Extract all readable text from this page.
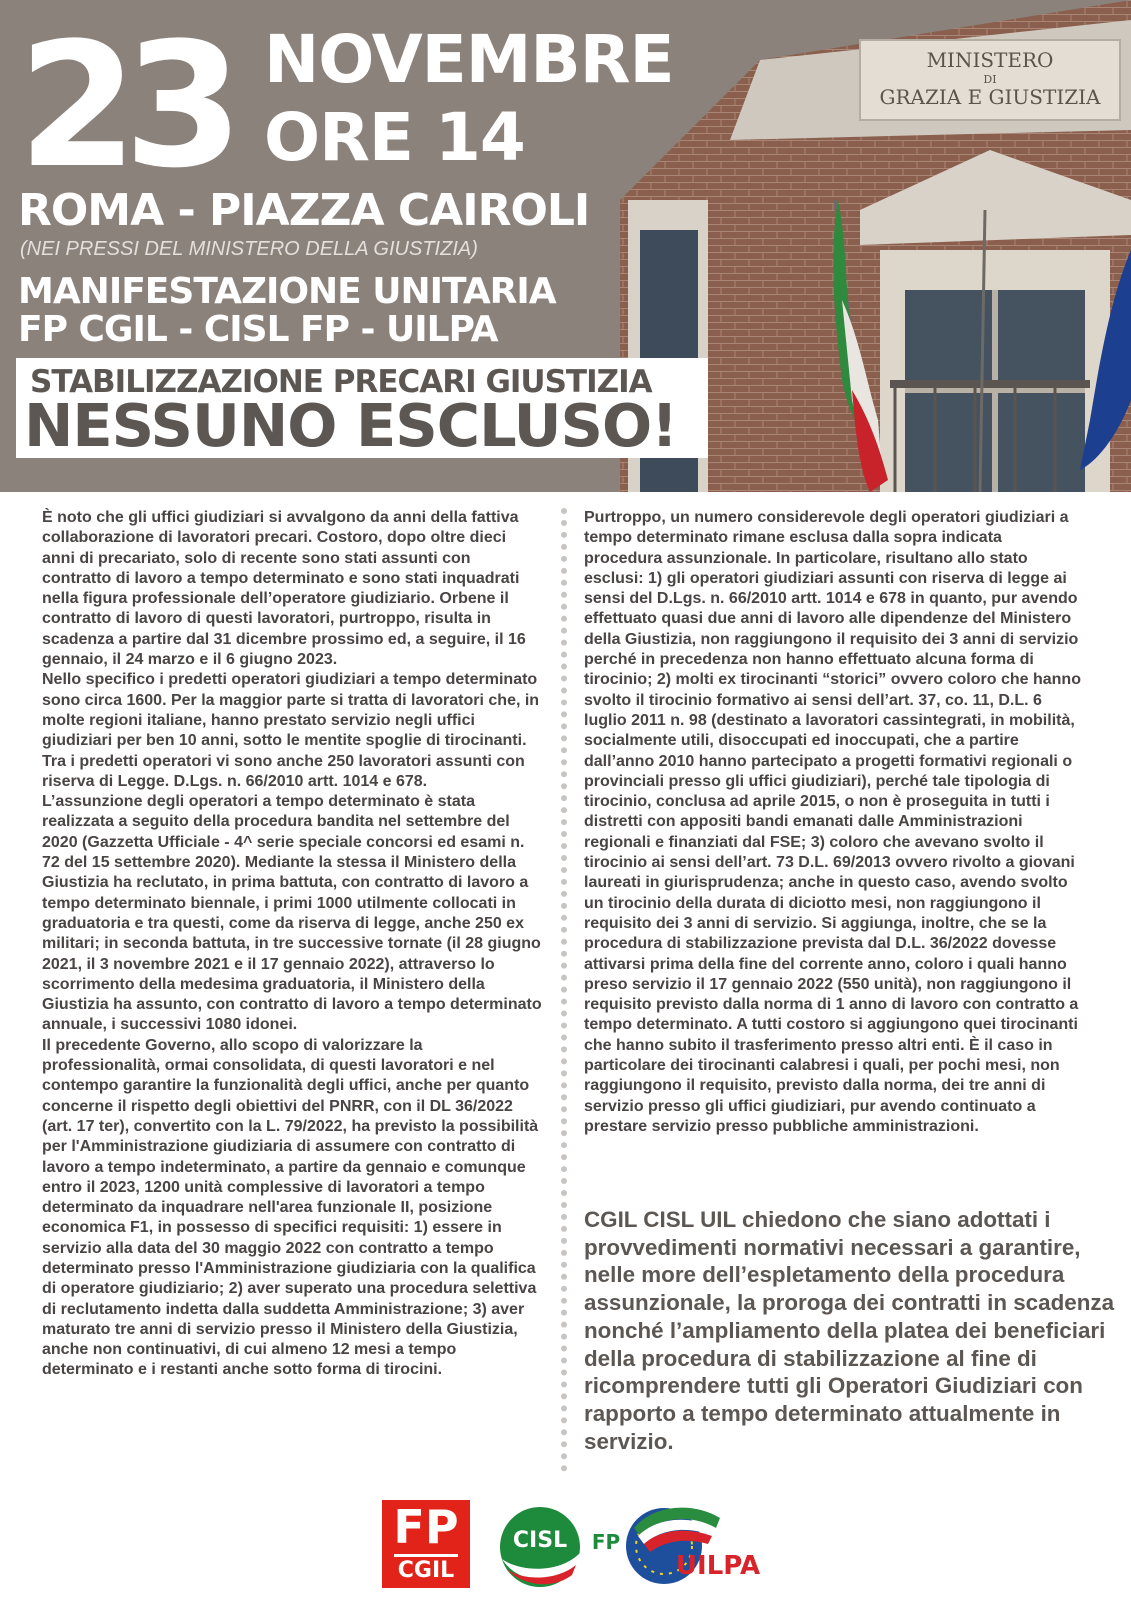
MINISTERO
DI
GRAZIA E GIUSTIZIA
23 NOVEMBRE
ORE 14
ROMA - PIAZZA CAIROLI
(NEI PRESSI DEL MINISTERO DELLA GIUSTIZIA)
MANIFESTAZIONE UNITARIA
FP CGIL - CISL FP - UILPA
STABILIZZAZIONE PRECARI GIUSTIZIA
NESSUNO ESCLUSO!

È noto che gli uffici giudiziari si avvalgono da anni della fattiva collaborazione di lavoratori precari. Costoro, dopo oltre dieci anni di precariato, solo di recente sono stati assunti con contratto di lavoro a tempo determinato e sono stati inquadrati nella figura professionale dell’operatore giudiziario. Orbene il contratto di lavoro di questi lavoratori, purtroppo, risulta in scadenza a partire dal 31 dicembre prossimo ed, a seguire, il 16 gennaio, il 24 marzo e il 6 giugno 2023.

Nello specifico i predetti operatori giudiziari a tempo determinato sono circa 1600. Per la maggior parte si tratta di lavoratori che, in molte regioni italiane, hanno prestato servizio negli uffici giudiziari per ben 10 anni, sotto le mentite spoglie di tirocinanti. Tra i predetti operatori vi sono anche 250 lavoratori assunti con riserva di Legge. D.Lgs. n. 66/2010 artt. 1014 e 678.

L’assunzione degli operatori a tempo determinato è stata realizzata a seguito della procedura bandita nel settembre del 2020 (Gazzetta Ufficiale - 4^ serie speciale concorsi ed esami n. 72 del 15 settembre 2020). Mediante la stessa il Ministero della Giustizia ha reclutato, in prima battuta, con contratto di lavoro a tempo determinato biennale, i primi 1000 utilmente collocati in graduatoria e tra questi, come da riserva di legge, anche 250 ex militari; in seconda battuta, in tre successive tornate (il 28 giugno 2021, il 3 novembre 2021 e il 17 gennaio 2022), attraverso lo scorrimento della medesima graduatoria, il Ministero della Giustizia ha assunto, con contratto di lavoro a tempo determinato annuale, i successivi 1080 idonei.

Il precedente Governo, allo scopo di valorizzare la professionalità, ormai consolidata, di questi lavoratori e nel contempo garantire la funzionalità degli uffici, anche per quanto concerne il rispetto degli obiettivi del PNRR, con il DL 36/2022 (art. 17 ter), convertito con la L. 79/2022, ha previsto la possibilità per l'Amministrazione giudiziaria di assumere con contratto di lavoro a tempo indeterminato, a partire da gennaio e comunque entro il 2023, 1200 unità complessive di lavoratori a tempo determinato da inquadrare nell'area funzionale II, posizione economica F1, in possesso di specifici requisiti: 1) essere in servizio alla data del 30 maggio 2022 con contratto a tempo determinato presso l'Amministrazione giudiziaria con la qualifica di operatore giudiziario; 2) aver superato una procedura selettiva di reclutamento indetta dalla suddetta Amministrazione; 3) aver maturato tre anni di servizio presso il Ministero della Giustizia, anche non continuativi, di cui almeno 12 mesi a tempo determinato e i restanti anche sotto forma di tirocini.

Purtroppo, un numero considerevole degli operatori giudiziari a tempo determinato rimane esclusa dalla sopra indicata procedura assunzionale. In particolare, risultano allo stato esclusi: 1) gli operatori giudiziari assunti con riserva di legge ai sensi del D.Lgs. n. 66/2010 artt. 1014 e 678 in quanto, pur avendo effettuato quasi due anni di lavoro alle dipendenze del Ministero della Giustizia, non raggiungono il requisito dei 3 anni di servizio perché in precedenza non hanno effettuato alcuna forma di tirocinio; 2) molti ex tirocinanti “storici” ovvero coloro che hanno svolto il tirocinio formativo ai sensi dell’art. 37, co. 11, D.L. 6 luglio 2011 n. 98 (destinato a lavoratori cassintegrati, in mobilità, socialmente utili, disoccupati ed inoccupati, che a partire dall’anno 2010 hanno partecipato a progetti formativi regionali o provinciali presso gli uffici giudiziari), perché tale tipologia di tirocinio, conclusa ad aprile 2015, o non è proseguita in tutti i distretti con appositi bandi emanati dalle Amministrazioni regionali e finanziati dal FSE; 3) coloro che avevano svolto il tirocinio ai sensi dell’art. 73 D.L. 69/2013 ovvero rivolto a giovani laureati in giurisprudenza; anche in questo caso, avendo svolto un tirocinio della durata di diciotto mesi, non raggiungono il requisito dei 3 anni di servizio. Si aggiunga, inoltre, che se la procedura di stabilizzazione prevista dal D.L. 36/2022 dovesse attivarsi prima della fine del corrente anno, coloro i quali hanno preso servizio il 17 gennaio 2022 (550 unità), non raggiungono il requisito previsto dalla norma di 1 anno di lavoro con contratto a tempo determinato. A tutti costoro si aggiungono quei tirocinanti che hanno subito il trasferimento presso altri enti. È il caso in particolare dei tirocinanti calabresi i quali, per pochi mesi, non raggiungono il requisito, previsto dalla norma, dei tre anni di servizio presso gli uffici giudiziari, pur avendo continuato a prestare servizio presso pubbliche amministrazioni.

CGIL CISL UIL chiedono che siano adottati i provvedimenti normativi necessari a garantire, nelle more dell’espletamento della procedura assunzionale, la proroga dei contratti in scadenza nonché l’ampliamento della platea dei beneficiari della procedura di stabilizzazione al fine di ricomprendere tutti gli Operatori Giudiziari con rapporto a tempo determinato attualmente in servizio.
FP
CGIL
CISL FP
UILPA
